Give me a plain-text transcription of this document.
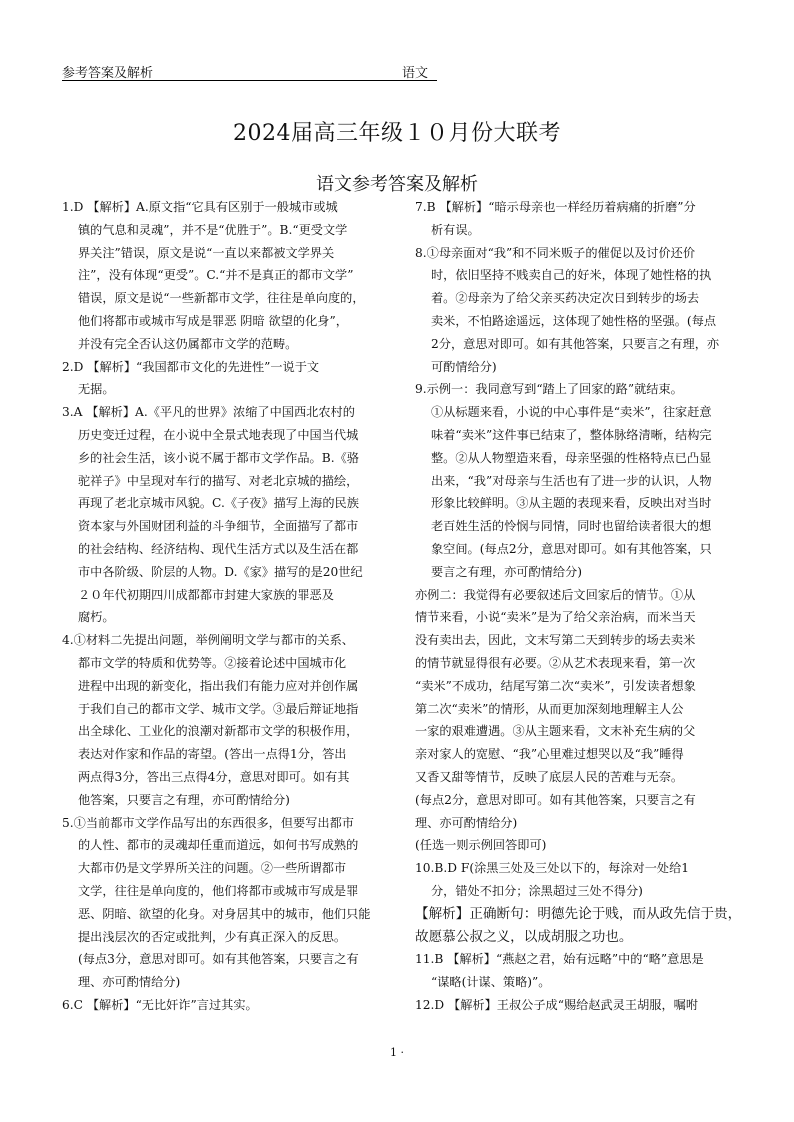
参考答案及解析	语文
2024届高三年级１０月份大联考
语文参考答案及解析
1.D 【解析】A.原文指“它具有区别于一般城市或城
镇的气息和灵魂”，并不是“优胜于”。B.“更受文学
界关注”错误，原文是说“一直以来都被文学界关
注”，没有体现“更受”。C.“并不是真正的都市文学”
错误，原文是说“一些新都市文学，往往是单向度的，
他们将都市或城市写成是罪恶 阴暗 欲望的化身”，
并没有完全否认这仍属都市文学的范畴。
2.D 【解析】“我国都市文化的先进性”一说于文
无据。
3.A 【解析】A.《平凡的世界》浓缩了中国西北农村的
历史变迁过程，在小说中全景式地表现了中国当代城
乡的社会生活，该小说不属于都市文学作品。B.《骆
驼祥子》中呈现对车行的描写、对老北京城的描绘，
再现了老北京城市风貌。C.《子夜》描写上海的民族
资本家与外国财团利益的斗争细节，全面描写了都市
的社会结构、经济结构、现代生活方式以及生活在都
市中各阶级、阶层的人物。D.《家》描写的是20世纪
２０年代初期四川成都都市封建大家族的罪恶及
腐朽。
4.①材料二先提出问题，举例阐明文学与都市的关系、
都市文学的特质和优势等。②接着论述中国城市化
进程中出现的新变化，指出我们有能力应对并创作属
于我们自己的都市文学、城市文学。③最后辩证地指
出全球化、工业化的浪潮对新都市文学的积极作用，
表达对作家和作品的寄望。(答出一点得1分，答出
两点得3分，答出三点得4分，意思对即可。如有其
他答案，只要言之有理，亦可酌情给分)
5.①当前都市文学作品写出的东西很多，但要写出都市
的人性、都市的灵魂却任重而道远，如何书写成熟的
大都市仍是文学界所关注的问题。②一些所谓都市
文学，往往是单向度的，他们将都市或城市写成是罪
恶、阴暗、欲望的化身。对身居其中的城市，他们只能
提出浅层次的否定或批判，少有真正深入的反思。
(每点3分，意思对即可。如有其他答案，只要言之有
理、亦可酌情给分)
6.C 【解析】“无比奸诈”言过其实。
7.B 【解析】“暗示母亲也一样经历着病痛的折磨”分
析有误。
8.①母亲面对“我”和不同米贩子的催促以及讨价还价
时，依旧坚持不贱卖自己的好米，体现了她性格的执
着。②母亲为了给父亲买药决定次日到转步的场去
卖米，不怕路途遥远，这体现了她性格的坚强。(每点
2分，意思对即可。如有其他答案，只要言之有理，亦
可酌情给分)
9.示例一：我同意写到“踏上了回家的路”就结束。
①从标题来看，小说的中心事件是“卖米”，往家赶意
味着“卖米”这件事已结束了，整体脉络清晰，结构完
整。②从人物塑造来看，母亲坚强的性格特点已凸显
出来，“我”对母亲与生活也有了进一步的认识，人物
形象比较鲜明。③从主题的表现来看，反映出对当时
老百姓生活的怜悯与同情，同时也留给读者很大的想
象空间。(每点2分，意思对即可。如有其他答案，只
要言之有理，亦可酌情给分)
亦例二：我觉得有必要叙述后文回家后的情节。①从
情节来看，小说“卖米”是为了给父亲治病，而米当天
没有卖出去，因此，文末写第二天到转步的场去卖米
的情节就显得很有必要。②从艺术表现来看，第一次
“卖米”不成功，结尾写第二次“卖米”，引发读者想象
第二次“卖米”的情形，从而更加深刻地理解主人公
一家的艰难遭遇。③从主题来看，文末补充生病的父
亲对家人的宽慰、“我”心里难过想哭以及“我”睡得
又香又甜等情节，反映了底层人民的苦难与无奈。
(每点2分，意思对即可。如有其他答案，只要言之有
理、亦可酌情给分)
(任选一则示例回答即可)
10.B.D F(涂黑三处及三处以下的，每涂对一处给1
分，错处不扣分；涂黑超过三处不得分)
【解析】正确断句：明德先论于贱，而从政先信于贵，
故愿慕公叔之义，以成胡服之功也。
11.B 【解析】“燕赵之君，始有远略”中的“略”意思是
“谋略(计谋、策略)”。
12.D 【解析】王叔公子成“赐给赵武灵王胡服，嘱咐
1 ·
